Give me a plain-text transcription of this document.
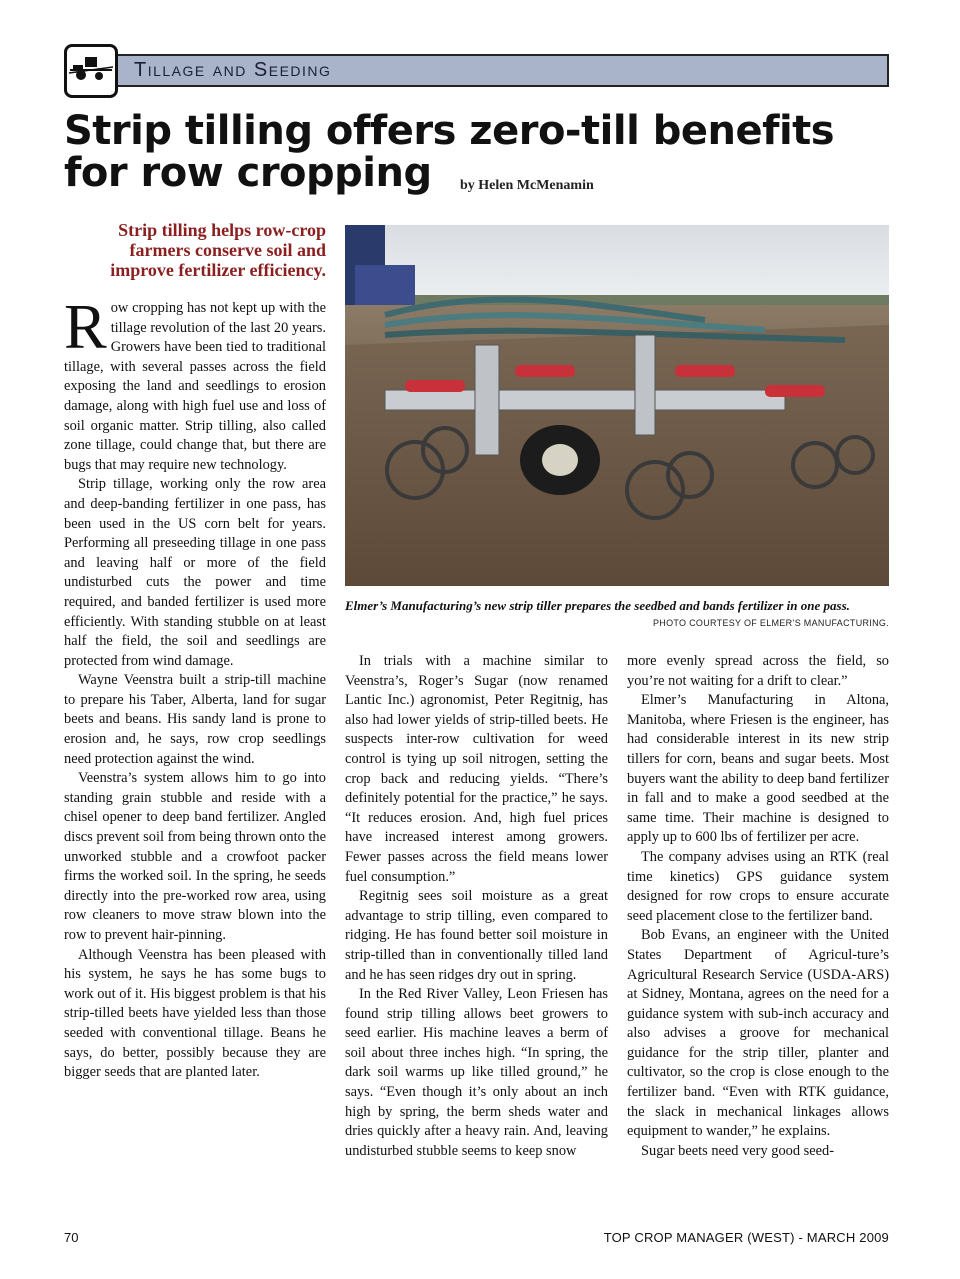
Tillage and Seeding
Strip tilling offers zero-till benefits
for row cropping	by Helen McMenamin
Strip tilling helps row-crop farmers conserve soil and improve fertilizer efficiency.
Elmer’s Manufacturing’s new strip tiller prepares the seedbed and bands fertilizer in one pass.
PHOTO COURTESY OF ELMER’S MANUFACTURING.

Row cropping has not kept up with the tillage revolution of the last 20 years. Growers have been tied to traditional tillage, with several passes across the field exposing the land and seedlings to erosion damage, along with high fuel use and loss of soil organic matter. Strip tilling, also called zone tillage, could change that, but there are bugs that may require new technology.

Strip tillage, working only the row area and deep-banding fertilizer in one pass, has been used in the US corn belt for years. Performing all preseeding tillage in one pass and leaving half or more of the field undisturbed cuts the power and time required, and banded fertilizer is used more efficiently. With standing stubble on at least half the field, the soil and seedlings are protected from wind damage.

Wayne Veenstra built a strip-till machine to prepare his Taber, Alberta, land for sugar beets and beans. His sandy land is prone to erosion and, he says, row crop seedlings need protection against the wind.

Veenstra’s system allows him to go into standing grain stubble and reside with a chisel opener to deep band fertilizer. Angled discs prevent soil from being thrown onto the unworked stubble and a crowfoot packer firms the worked soil. In the spring, he seeds directly into the pre-worked row area, using row cleaners to move straw blown into the row to prevent hair-pinning.

Although Veenstra has been pleased with his system, he says he has some bugs to work out of it. His biggest problem is that his strip-tilled beets have yielded less than those seeded with conventional tillage. Beans he says, do better, possibly because they are bigger seeds that are planted later.

In trials with a machine similar to Veenstra’s, Roger’s Sugar (now renamed Lantic Inc.) agronomist, Peter Regitnig, has also had lower yields of strip-tilled beets. He suspects inter-row cultivation for weed control is tying up soil nitrogen, setting the crop back and reducing yields. “There’s definitely potential for the practice,” he says. “It reduces erosion. And, high fuel prices have increased interest among growers. Fewer passes across the field means lower fuel consumption.”

Regitnig sees soil moisture as a great advantage to strip tilling, even compared to ridging. He has found better soil moisture in strip-tilled than in conventionally tilled land and he has seen ridges dry out in spring.

In the Red River Valley, Leon Friesen has found strip tilling allows beet growers to seed earlier. His machine leaves a berm of soil about three inches high. “In spring, the dark soil warms up like tilled ground,” he says. “Even though it’s only about an inch high by spring, the berm sheds water and dries quickly after a heavy rain. And, leaving undisturbed stubble seems to keep snow

more evenly spread across the field, so you’re not waiting for a drift to clear.”

Elmer’s Manufacturing in Altona, Manitoba, where Friesen is the engineer, has had considerable interest in its new strip tillers for corn, beans and sugar beets. Most buyers want the ability to deep band fertilizer in fall and to make a good seedbed at the same time. Their machine is designed to apply up to 600 lbs of fertilizer per acre.

The company advises using an RTK (real time kinetics) GPS guidance system designed for row crops to ensure accurate seed placement close to the fertilizer band.

Bob Evans, an engineer with the United States Department of Agricul-ture’s Agricultural Research Service (USDA-ARS) at Sidney, Montana, agrees on the need for a guidance system with sub-inch accuracy and also advises a groove for mechanical guidance for the strip tiller, planter and cultivator, so the crop is close enough to the fertilizer band. “Even with RTK guidance, the slack in mechanical linkages allows equipment to wander,” he explains.

Sugar beets need very good seed-

70	TOP CROP MANAGER (WEST) - MARCH 2009
